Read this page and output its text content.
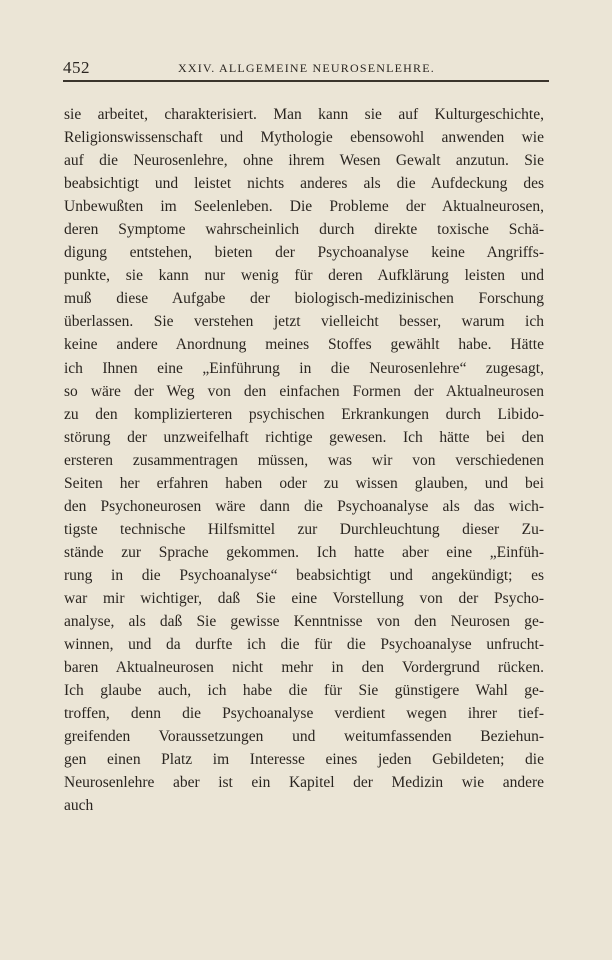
452	XXIV. ALLGEMEINE NEUROSENLEHRE.
sie arbeitet, charakterisiert. Man kann sie auf Kulturgeschichte,
Religionswissenschaft und Mythologie ebensowohl anwenden wie
auf die Neurosenlehre, ohne ihrem Wesen Gewalt anzutun. Sie
beabsichtigt und leistet nichts anderes als die Aufdeckung des
Unbewußten im Seelenleben. Die Probleme der Aktualneurosen,
deren Symptome wahrscheinlich durch direkte toxische Schä-
digung entstehen, bieten der Psychoanalyse keine Angriffs-
punkte, sie kann nur wenig für deren Aufklärung leisten und
muß diese Aufgabe der biologisch-medizinischen Forschung
überlassen. Sie verstehen jetzt vielleicht besser, warum ich
keine andere Anordnung meines Stoffes gewählt habe. Hätte
ich Ihnen eine „Einführung in die Neurosenlehre“ zugesagt,
so wäre der Weg von den einfachen Formen der Aktualneurosen
zu den komplizierteren psychischen Erkrankungen durch Libido-
störung der unzweifelhaft richtige gewesen. Ich hätte bei den
ersteren zusammentragen müssen, was wir von verschiedenen
Seiten her erfahren haben oder zu wissen glauben, und bei
den Psychoneurosen wäre dann die Psychoanalyse als das wich-
tigste technische Hilfsmittel zur Durchleuchtung dieser Zu-
stände zur Sprache gekommen. Ich hatte aber eine „Einfüh-
rung in die Psychoanalyse“ beabsichtigt und angekündigt; es
war mir wichtiger, daß Sie eine Vorstellung von der Psycho-
analyse, als daß Sie gewisse Kenntnisse von den Neurosen ge-
winnen, und da durfte ich die für die Psychoanalyse unfrucht-
baren Aktualneurosen nicht mehr in den Vordergrund rücken.
Ich glaube auch, ich habe die für Sie günstigere Wahl ge-
troffen, denn die Psychoanalyse verdient wegen ihrer tief-
greifenden Voraussetzungen und weitumfassenden Beziehun-
gen einen Platz im Interesse eines jeden Gebildeten; die
Neurosenlehre aber ist ein Kapitel der Medizin wie andere
auch
